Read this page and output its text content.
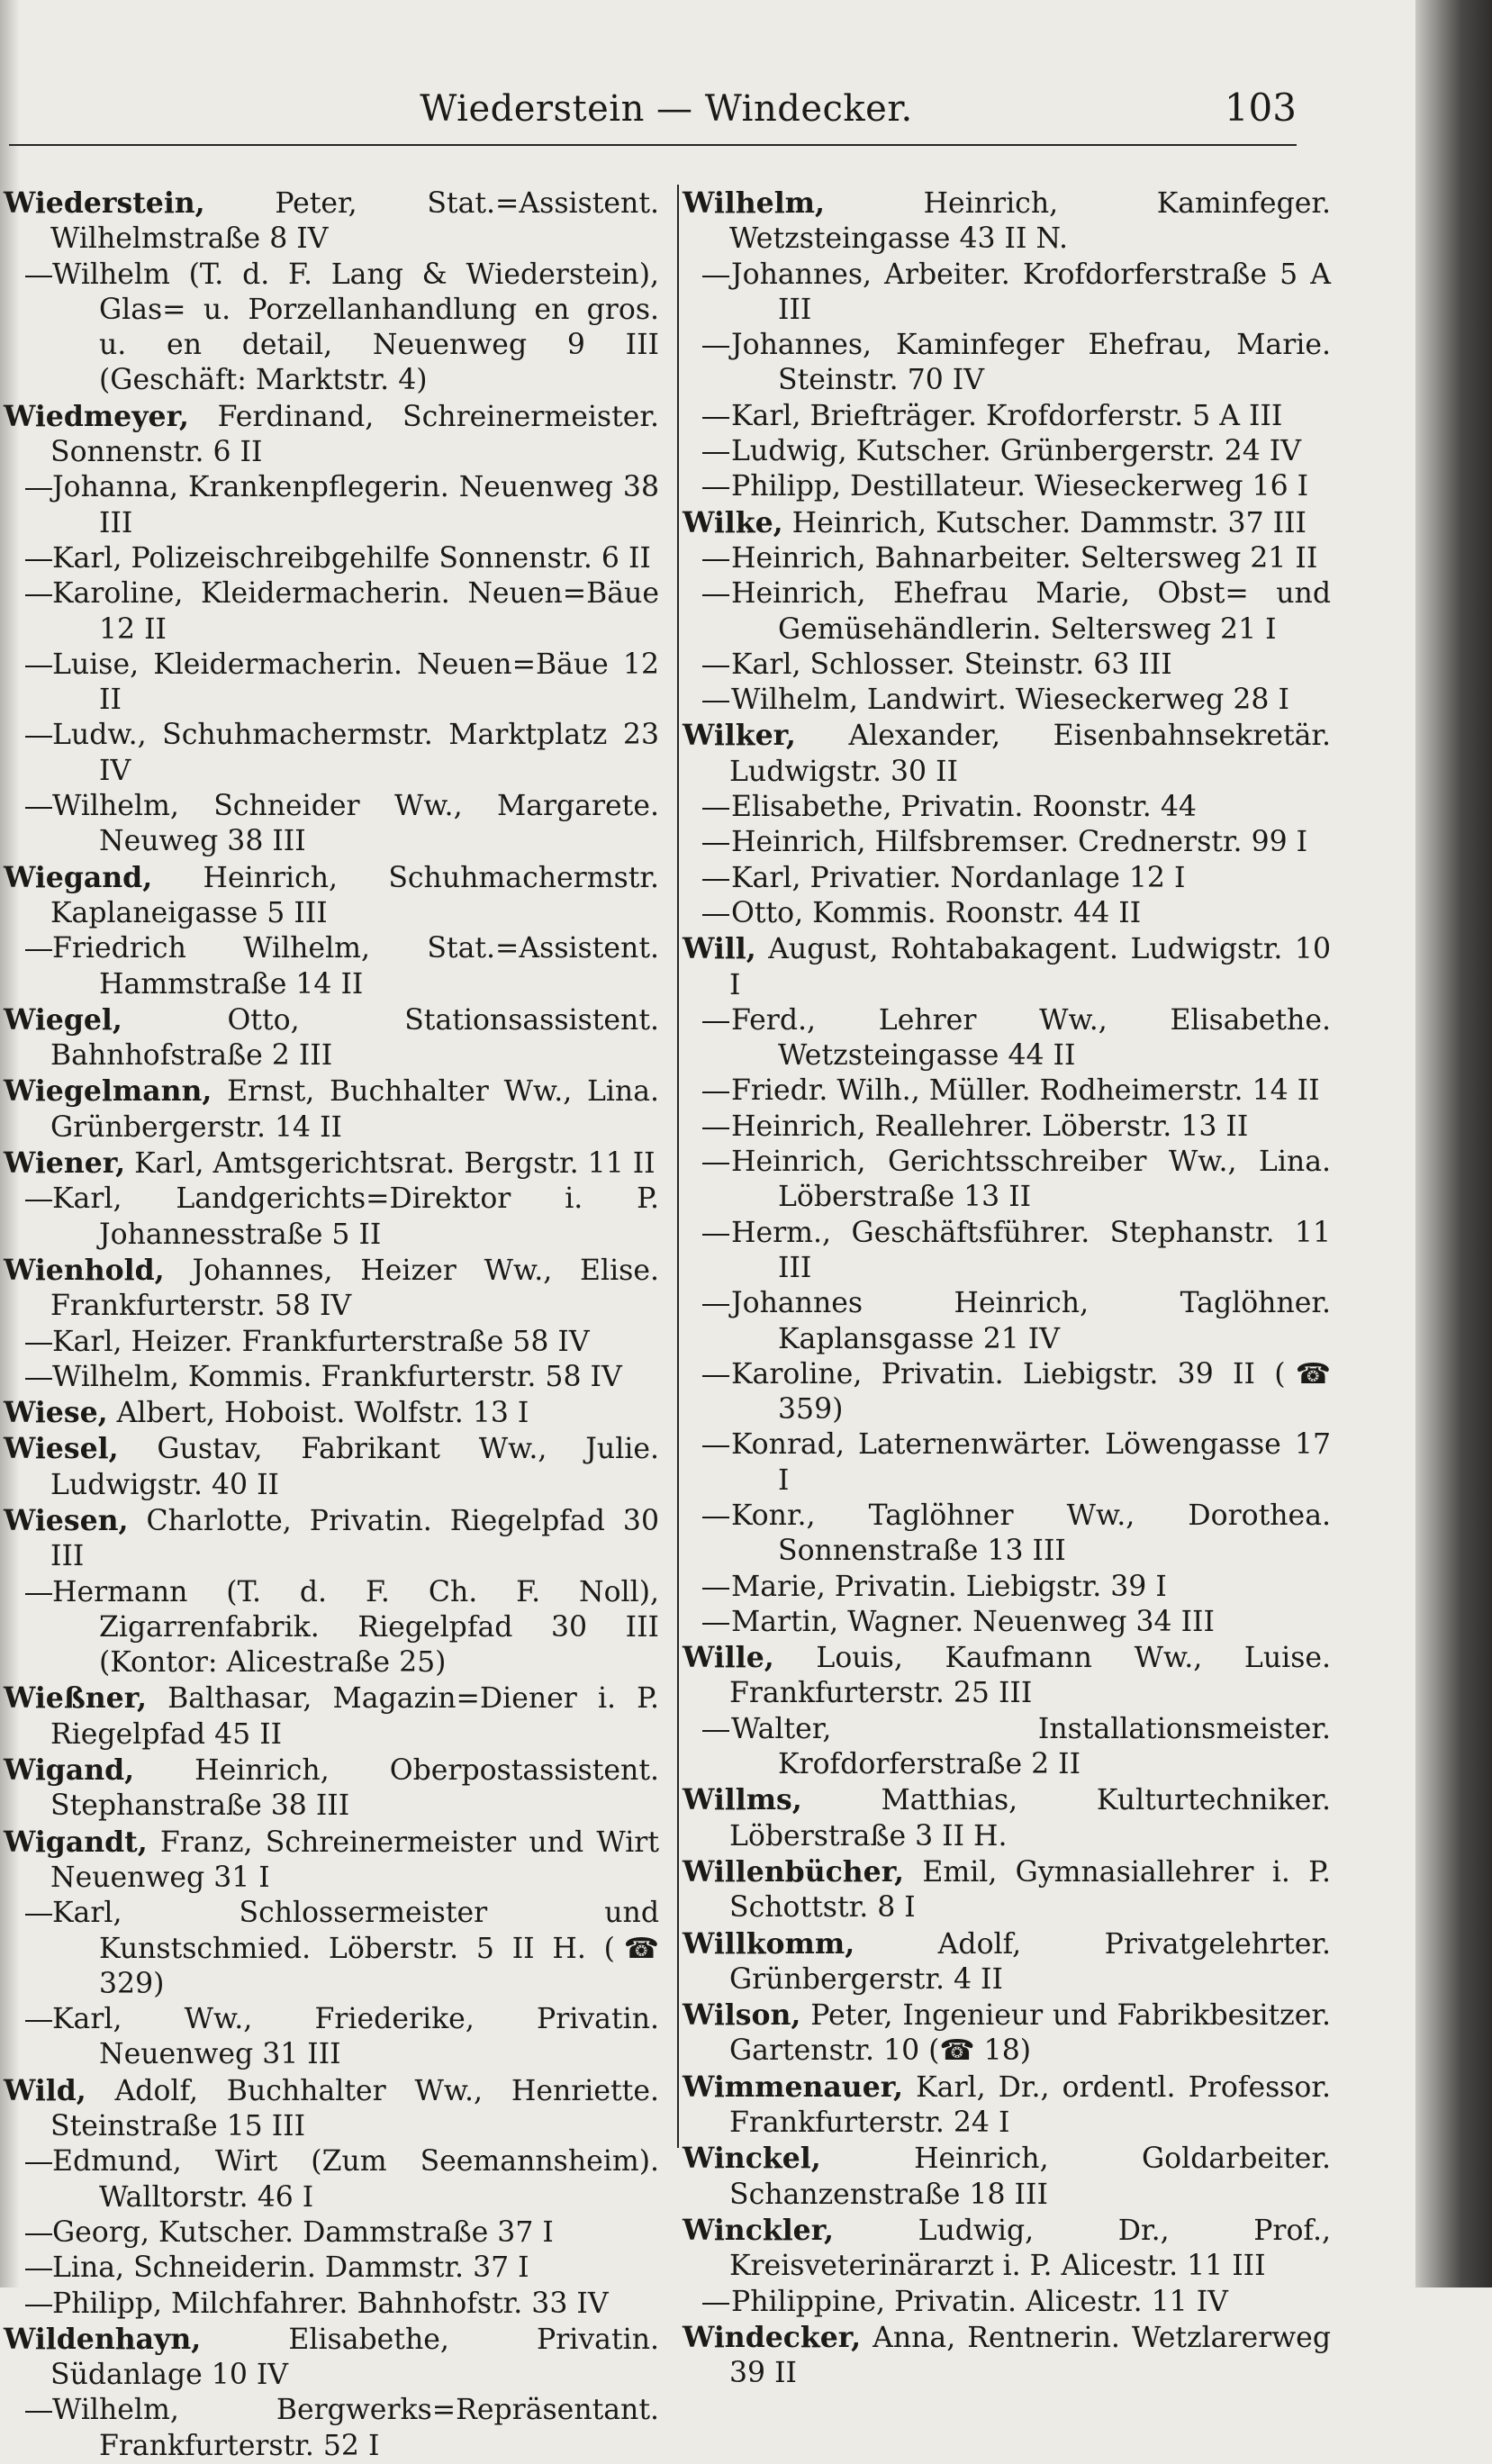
Wiederstein — Windecker.	103
Wiederstein, Peter, Stat.=Assistent. Wilhelmstraße 8 IV
Wilhelm (T. d. F. Lang & Wiederstein), Glas= u. Porzellanhandlung en gros. u. en detail, Neuenweg 9 III (Geschäft: Marktstr. 4)
Wiedmeyer, Ferdinand, Schreinermeister. Sonnenstr. 6 II
Johanna, Krankenpflegerin. Neuenweg 38 III
Karl, Polizeischreibgehilfe Sonnenstr. 6 II
Karoline, Kleidermacherin. Neuen=Bäue 12 II
Luise, Kleidermacherin. Neuen=Bäue 12 II
Ludw., Schuhmachermstr. Marktplatz 23 IV
Wilhelm, Schneider Ww., Margarete. Neuweg 38 III
Wiegand, Heinrich, Schuhmachermstr. Kaplaneigasse 5 III
Friedrich Wilhelm, Stat.=Assistent. Hammstraße 14 II
Wiegel,	Otto, Stationsassistent. Bahnhofstraße 2 III
Wiegelmann, Ernst, Buchhalter Ww., Lina. Grünbergerstr. 14 II
Wiener, Karl, Amtsgerichtsrat. Bergstr. 11 II
Karl, Landgerichts=Direktor i. P. Johannesstraße 5 II
Wienhold, Johannes, Heizer Ww., Elise. Frankfurterstr. 58 IV
Karl, Heizer. Frankfurterstraße 58 IV
Wilhelm, Kommis. Frankfurterstr. 58 IV
Wiese, Albert, Hoboist. Wolfstr. 13 I
Wiesel, Gustav, Fabrikant Ww., Julie. Ludwigstr. 40 II
Wiesen, Charlotte, Privatin. Riegelpfad 30 III
Hermann (T. d. F. Ch. F. Noll), Zigarrenfabrik. Riegelpfad 30 III (Kontor: Alicestraße 25)
Wießner, Balthasar, Magazin=Diener i. P. Riegelpfad 45 II
Wigand, Heinrich, Oberpostassistent. Stephanstraße 38 III
Wigandt, Franz, Schreinermeister und Wirt Neuenweg 31 I
Karl, Schlossermeister und Kunstschmied. Löberstr. 5 II H. (☎ 329)
Karl, Ww., Friederike, Privatin. Neuenweg 31 III
Wild, Adolf, Buchhalter Ww., Henriette. Steinstraße 15 III
Edmund, Wirt (Zum Seemannsheim). Walltorstr. 46 I
Georg, Kutscher. Dammstraße 37 I
Lina, Schneiderin. Dammstr. 37 I
Philipp, Milchfahrer. Bahnhofstr. 33 IV
Wildenhayn,	Elisabethe, Privatin. Südanlage 10 IV
Wilhelm, Bergwerks=Repräsentant. Frankfurterstr. 52 I
Wilhelm,	Heinrich, Kaminfeger. Wetzsteingasse 43 II N.
Johannes, Arbeiter. Krofdorferstraße 5 A III
Johannes, Kaminfeger Ehefrau, Marie. Steinstr. 70 IV
Karl, Briefträger. Krofdorferstr. 5 A III
Ludwig, Kutscher. Grünbergerstr. 24 IV
Philipp, Destillateur. Wieseckerweg 16 I
Wilke, Heinrich, Kutscher. Dammstr. 37 III
Heinrich, Bahnarbeiter. Seltersweg 21 II
Heinrich, Ehefrau Marie, Obst= und Gemüsehändlerin. Seltersweg 21 I
Karl, Schlosser. Steinstr. 63 III
Wilhelm, Landwirt. Wieseckerweg 28 I
Wilker, Alexander, Eisenbahnsekretär. Ludwigstr. 30 II
Elisabethe, Privatin. Roonstr. 44
Heinrich, Hilfsbremser. Crednerstr. 99 I
Karl, Privatier. Nordanlage 12 I
Otto, Kommis. Roonstr. 44 II
Will, August, Rohtabakagent. Ludwigstr. 10 I
Ferd., Lehrer Ww., Elisabethe. Wetzsteingasse 44 II
Friedr. Wilh., Müller. Rodheimerstr. 14 II
Heinrich, Reallehrer. Löberstr. 13 II
Heinrich, Gerichtsschreiber Ww., Lina. Löberstraße 13 II
Herm., Geschäftsführer. Stephanstr. 11 III
Johannes Heinrich, Taglöhner. Kaplansgasse 21 IV
Karoline, Privatin. Liebigstr. 39 II (☎ 359)
Konrad, Laternenwärter. Löwengasse 17 I
Konr., Taglöhner Ww., Dorothea. Sonnenstraße 13 III
Marie, Privatin. Liebigstr. 39 I
Martin, Wagner. Neuenweg 34 III
Wille, Louis, Kaufmann Ww., Luise. Frankfurterstr. 25 III
Walter, Installationsmeister. Krofdorferstraße 2 II
Willms,	Matthias, Kulturtechniker. Löberstraße 3 II H.
Willenbücher, Emil, Gymnasiallehrer i. P. Schottstr. 8 I
Willkomm,	Adolf, Privatgelehrter. Grünbergerstr. 4 II
Wilson, Peter, Ingenieur und Fabrikbesitzer. Gartenstr. 10 (☎ 18)
Wimmenauer, Karl, Dr., ordentl. Professor. Frankfurterstr. 24 I
Winckel,	Heinrich, Goldarbeiter. Schanzenstraße 18 III
Winckler,	Ludwig, Dr., Prof., Kreisveterinärarzt i. P. Alicestr. 11 III
Philippine, Privatin. Alicestr. 11 IV
Windecker, Anna, Rentnerin. Wetzlarerweg 39 II
